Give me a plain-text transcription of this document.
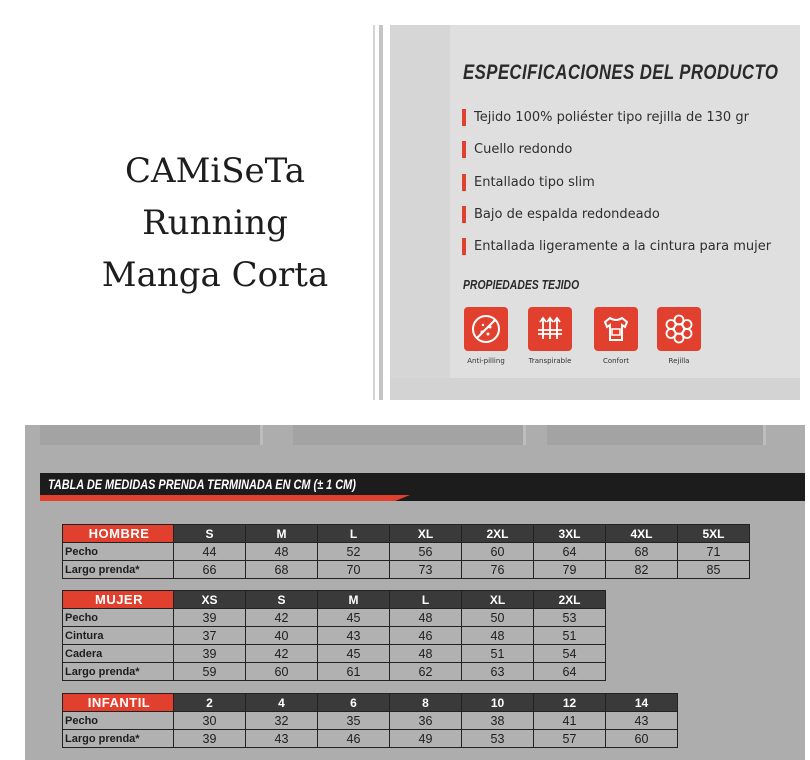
CAMiSeTa
Running
Manga Corta
ESPECIFICACIONES DEL PRODUCTO
Tejido 100% poliéster tipo rejilla de 130 gr
Cuello redondo
Entallado tipo slim
Bajo de espalda redondeado
Entallada ligeramente a la cintura para mujer
PROPIEDADES TEJIDO
Anti-pilling	Transpirable	Confort	Rejilla
TABLA DE MEDIDAS PRENDA TERMINADA EN CM (± 1 CM)
HOMBRE	S	M	L	XL	2XL	3XL	4XL	5XL
Pecho	44	48	52	56	60	64	68	71
Largo prenda*	66	68	70	73	76	79	82	85
MUJER	XS	S	M	L	XL	2XL
Pecho	39	42	45	48	50	53
Cintura	37	40	43	46	48	51
Cadera	39	42	45	48	51	54
Largo prenda*	59	60	61	62	63	64
INFANTIL	2	4	6	8	10	12	14
Pecho	30	32	35	36	38	41	43
Largo prenda*	39	43	46	49	53	57	60
